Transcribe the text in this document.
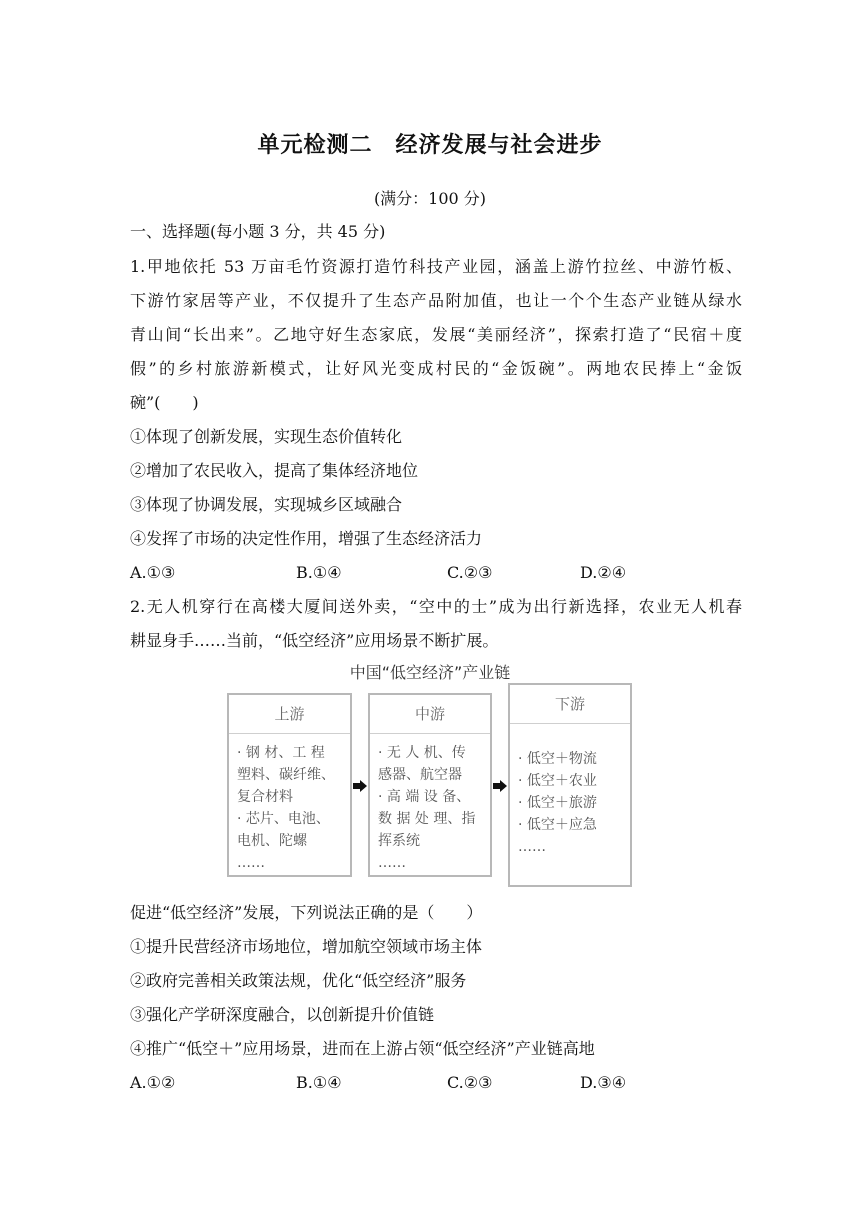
单元检测二　经济发展与社会进步
(满分：100 分)
一、选择题(每小题 3 分，共 45 分)
1.甲地依托 53 万亩毛竹资源打造竹科技产业园，涵盖上游竹拉丝、中游竹板、
下游竹家居等产业，不仅提升了生态产品附加值，也让一个个生态产业链从绿水
青山间“长出来”。乙地守好生态家底，发展“美丽经济”，探索打造了“民宿＋度
假”的乡村旅游新模式，让好风光变成村民的“金饭碗”。两地农民捧上“金饭
碗”(　　)
①体现了创新发展，实现生态价值转化
②增加了农民收入，提高了集体经济地位
③体现了协调发展，实现城乡区域融合
④发挥了市场的决定性作用，增强了生态经济活力
A.①③	B.①④	C.②③	D.②④
2.无人机穿行在高楼大厦间送外卖，“空中的士”成为出行新选择，农业无人机春
耕显身手……当前，“低空经济”应用场景不断扩展。
中国“低空经济”产业链
上游
· 钢 材、工 程
塑料、碳纤维、
复合材料
· 芯片、电池、
电机、陀螺
……
中游
· 无 人 机、传
感器、航空器
· 高 端 设 备、
数 据 处 理、指
挥系统
……
下游
· 低空＋物流
· 低空＋农业
· 低空＋旅游
· 低空＋应急
……
促进“低空经济”发展，下列说法正确的是（　　）
①提升民营经济市场地位，增加航空领域市场主体
②政府完善相关政策法规，优化“低空经济”服务
③强化产学研深度融合，以创新提升价值链
④推广“低空＋”应用场景，进而在上游占领“低空经济”产业链高地
A.①②	B.①④	C.②③	D.③④
